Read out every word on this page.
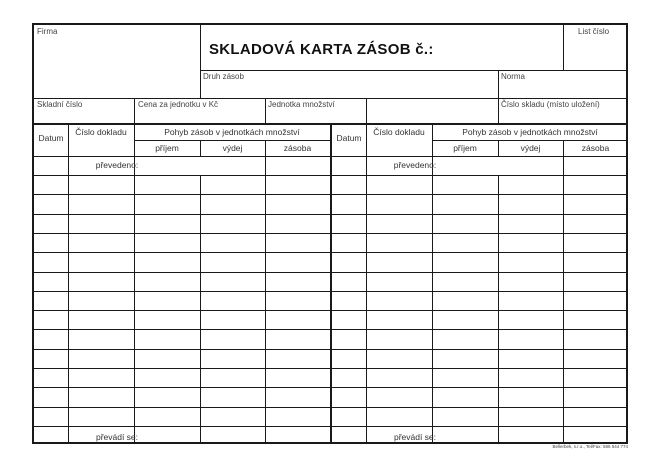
Firma
SKLADOVÁ KARTA ZÁSOB č.:
List číslo
Druh zásob	Norma
Skladní číslo	Cena za jednotku v Kč	Jednotka množství	Číslo skladu (místo uložení)
Datum
Číslo dokladu	Pohyb zásob v jednotkách množství
příjem	výdej	zásoba
převedeno:
převádí se:
Datum
Číslo dokladu	Pohyb zásob v jednotkách množství
příjem	výdej	zásoba
převedeno:
převádí se:
Bellerbek, s.r.o., Tel/Fax: 585 544 774
